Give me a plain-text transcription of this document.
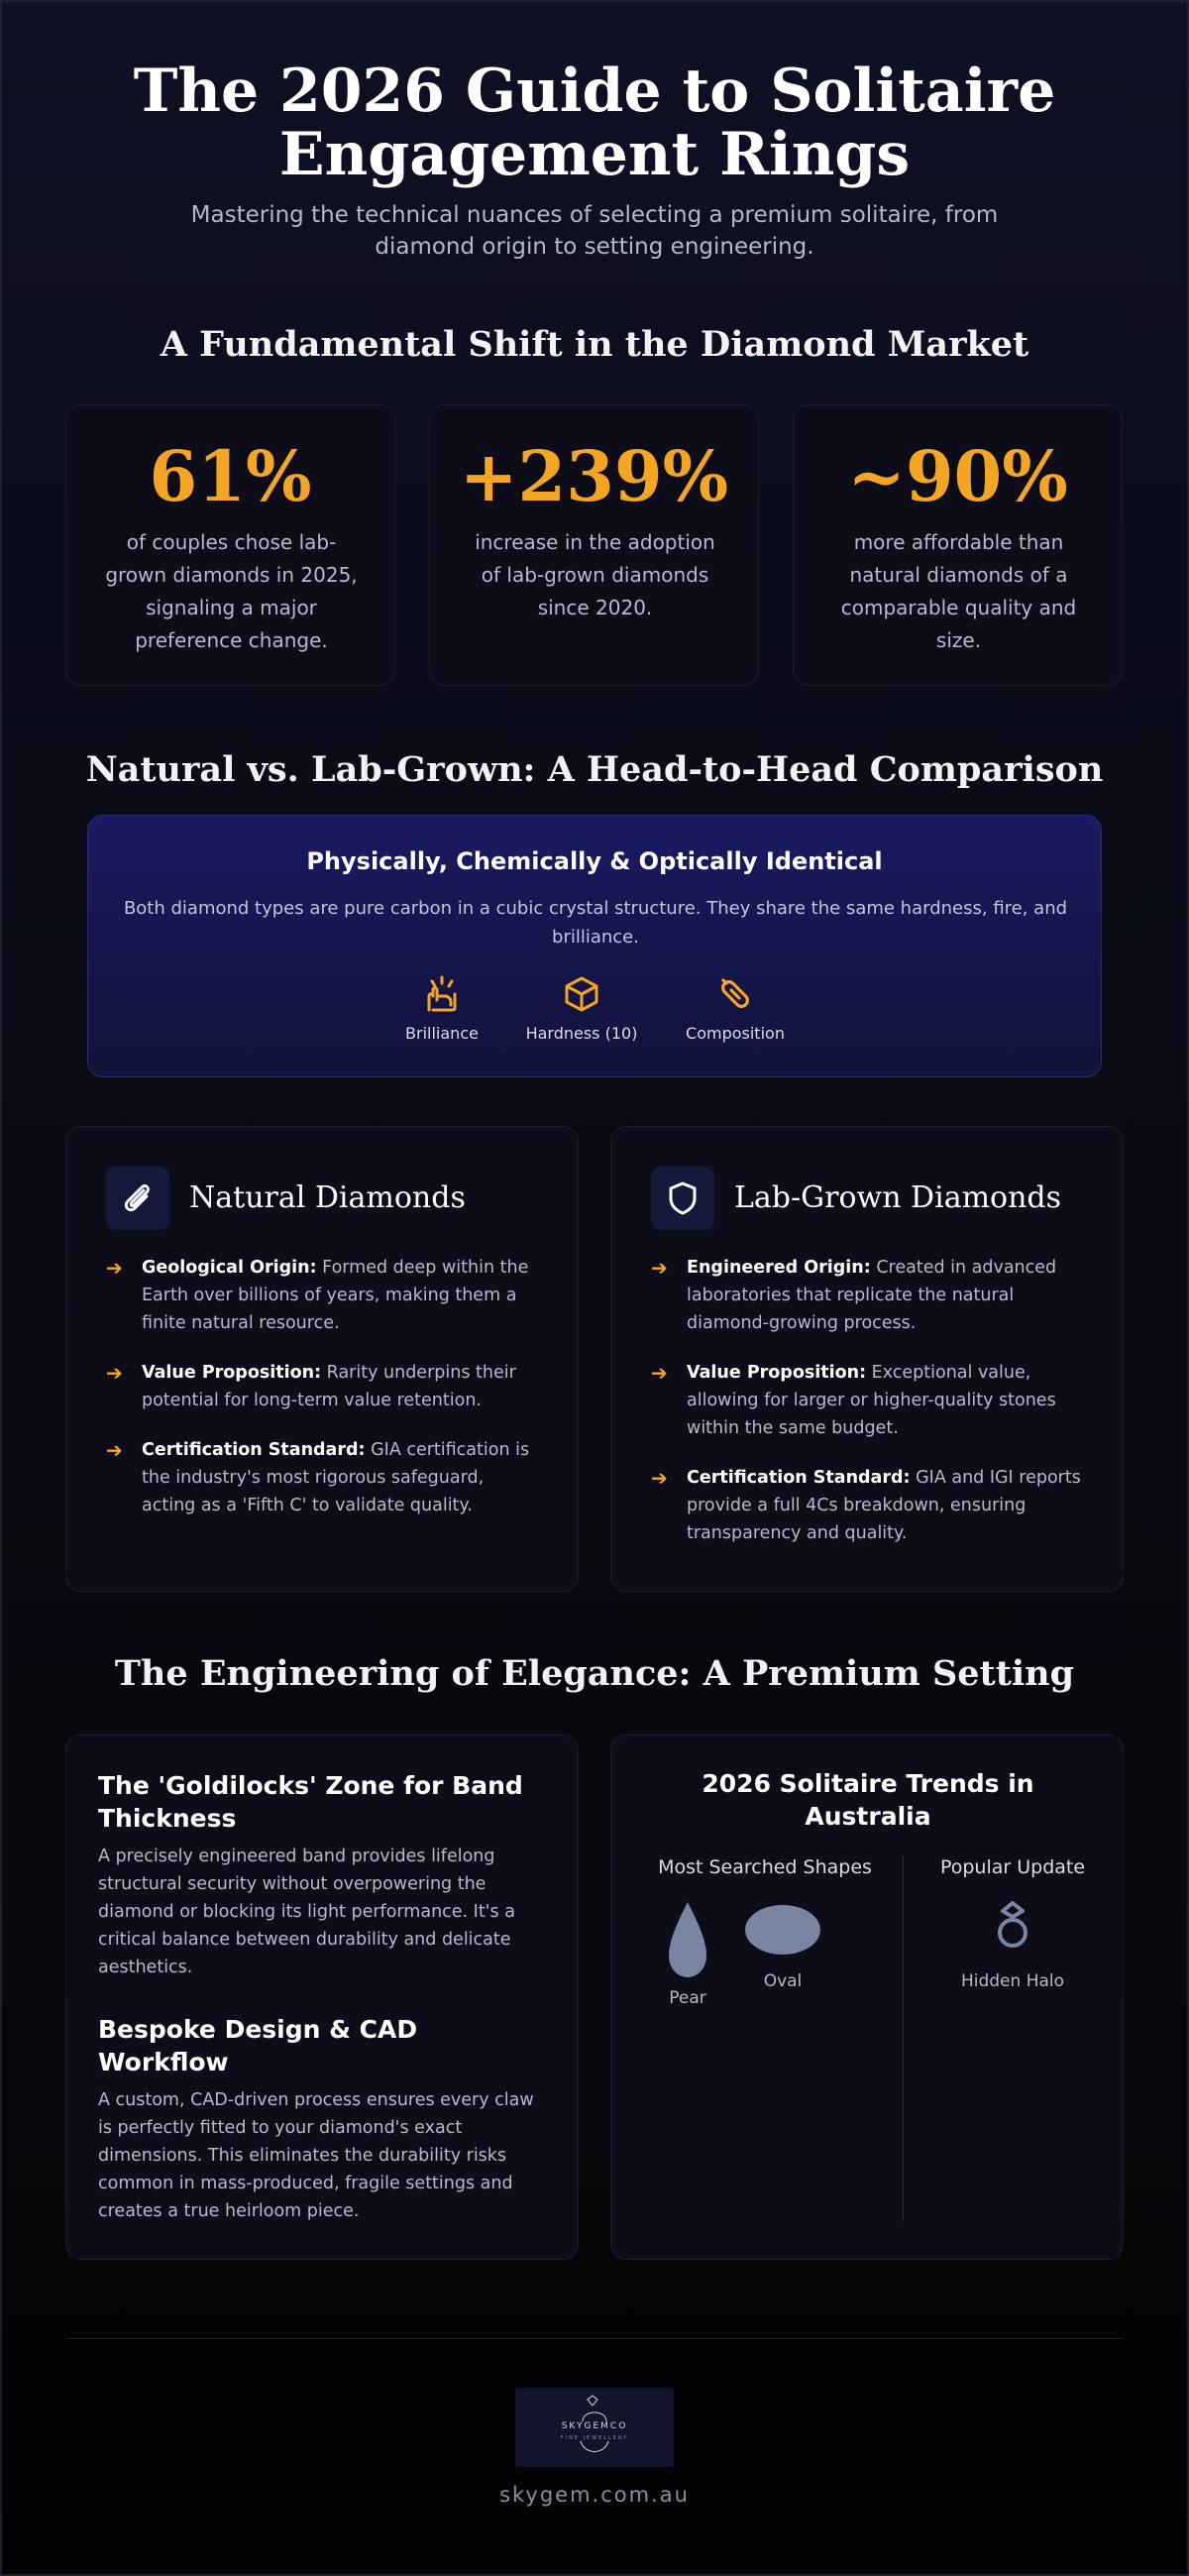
The 2026 Guide to Solitaire Engagement Rings

Mastering the technical nuances of selecting a premium solitaire, from diamond origin to setting engineering.

A Fundamental Shift in the Diamond Market
61%
of couples chose lab-grown diamonds in 2025, signaling a major preference change.
+239%
increase in the adoption of lab-grown diamonds since 2020.
~90%
more affordable than natural diamonds of a comparable quality and size.
Natural vs. Lab-Grown: A Head-to-Head Comparison
Physically, Chemically & Optically Identical
Both diamond types are pure carbon in a cubic crystal structure. They share the same hardness, fire, and brilliance.
Brilliance	Hardness (10)	Composition
Natural Diamonds
➔ Geological Origin: Formed deep within the Earth over billions of years, making them a finite natural resource.
➔ Value Proposition: Rarity underpins their potential for long-term value retention.
➔ Certification Standard: GIA certification is the industry's most rigorous safeguard, acting as a 'Fifth C' to validate quality.
Lab-Grown Diamonds
➔ Engineered Origin: Created in advanced laboratories that replicate the natural diamond-growing process.
➔ Value Proposition: Exceptional value, allowing for larger or higher-quality stones within the same budget.
➔ Certification Standard: GIA and IGI reports provide a full 4Cs breakdown, ensuring transparency and quality.
The Engineering of Elegance: A Premium Setting
The 'Goldilocks' Zone for Band Thickness
A precisely engineered band provides lifelong structural security without overpowering the diamond or blocking its light performance. It's a critical balance between durability and delicate aesthetics.
Bespoke Design & CAD Workflow
A custom, CAD-driven process ensures every claw is perfectly fitted to your diamond's exact dimensions. This eliminates the durability risks common in mass-produced, fragile settings and creates a true heirloom piece.
2026 Solitaire Trends in Australia
Most Searched Shapes	Popular Update
Pear
Oval	Hidden Halo
SKYGEMCO
FINE JEWELLERY
skygem.com.au
